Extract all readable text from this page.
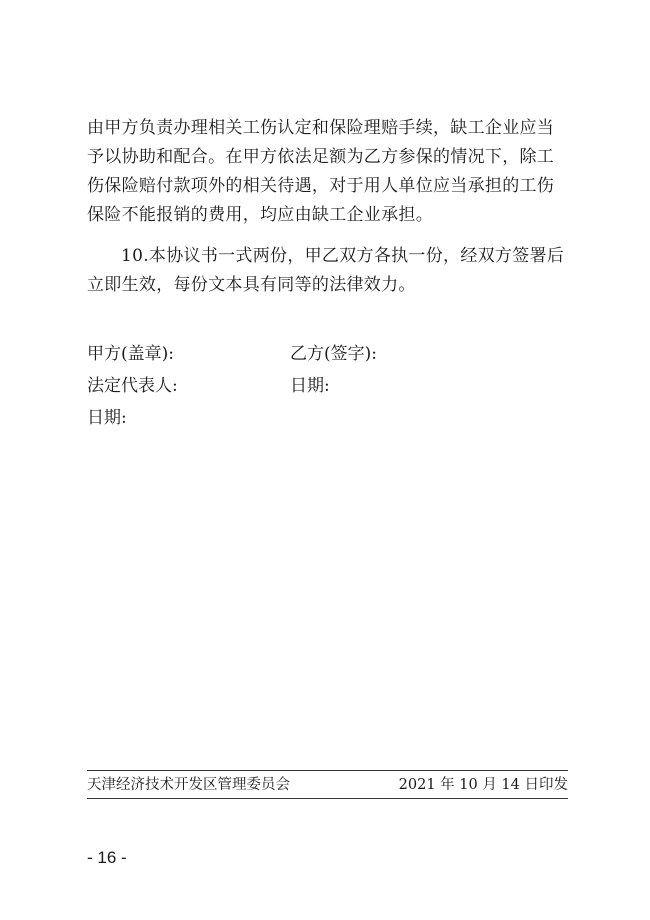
由甲方负责办理相关工伤认定和保险理赔手续，缺工企业应当予以协助和配合。在甲方依法足额为乙方参保的情况下，除工伤保险赔付款项外的相关待遇，对于用人单位应当承担的工伤保险不能报销的费用，均应由缺工企业承担。

10.本协议书一式两份，甲乙双方各执一份，经双方签署后立即生效，每份文本具有同等的法律效力。

甲方(盖章):	乙方(签字):

法定代表人:	日期:

日期:

天津经济技术开发区管理委员会	2021 年 10 月 14 日印发

- 16 -
